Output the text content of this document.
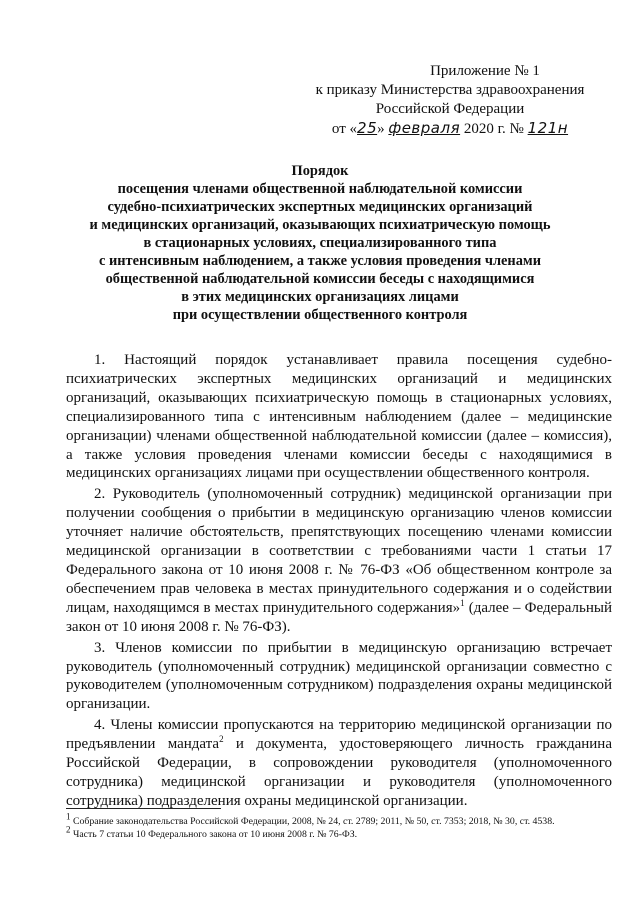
Приложение № 1
к приказу Министерства здравоохранения
Российской Федерации
от «25» февраля 2020 г. № 121н
Порядок
посещения членами общественной наблюдательной комиссии
судебно-психиатрических экспертных медицинских организаций
и медицинских организаций, оказывающих психиатрическую помощь
в стационарных условиях, специализированного типа
с интенсивным наблюдением, а также условия проведения членами
общественной наблюдательной комиссии беседы с находящимися
в этих медицинских организациях лицами
при осуществлении общественного контроля

1. Настоящий порядок устанавливает правила посещения судебно-психиатрических экспертных медицинских организаций и медицинских организаций, оказывающих психиатрическую помощь в стационарных условиях, специализированного типа с интенсивным наблюдением (далее – медицинские организации) членами общественной наблюдательной комиссии (далее – комиссия), а также условия проведения членами комиссии беседы с находящимися в медицинских организациях лицами при осуществлении общественного контроля.

2. Руководитель (уполномоченный сотрудник) медицинской организации при получении сообщения о прибытии в медицинскую организацию членов комиссии уточняет наличие обстоятельств, препятствующих посещению членами комиссии медицинской организации в соответствии с требованиями части 1 статьи 17 Федерального закона от 10 июня 2008 г. № 76-ФЗ «Об общественном контроле за обеспечением прав человека в местах принудительного содержания и о содействии лицам, находящимся в местах принудительного содержания»$^1$ (далее – Федеральный закон от 10 июня 2008 г. № 76-ФЗ).

3. Членов комиссии по прибытии в медицинскую организацию встречает руководитель (уполномоченный сотрудник) медицинской организации совместно с руководителем (уполномоченным сотрудником) подразделения охраны медицинской организации.

4. Члены комиссии пропускаются на территорию медицинской организации по предъявлении мандата$^2$ и документа, удостоверяющего личность гражданина Российской Федерации, в сопровождении руководителя (уполномоченного сотрудника) медицинской организации и руководителя (уполномоченного сотрудника) подразделения охраны медицинской организации.

$^1$ Собрание законодательства Российской Федерации, 2008, № 24, ст. 2789; 2011, № 50, ст. 7353; 2018, № 30, ст. 4538.
$^2$ Часть 7 статьи 10 Федерального закона от 10 июня 2008 г. № 76-ФЗ.
